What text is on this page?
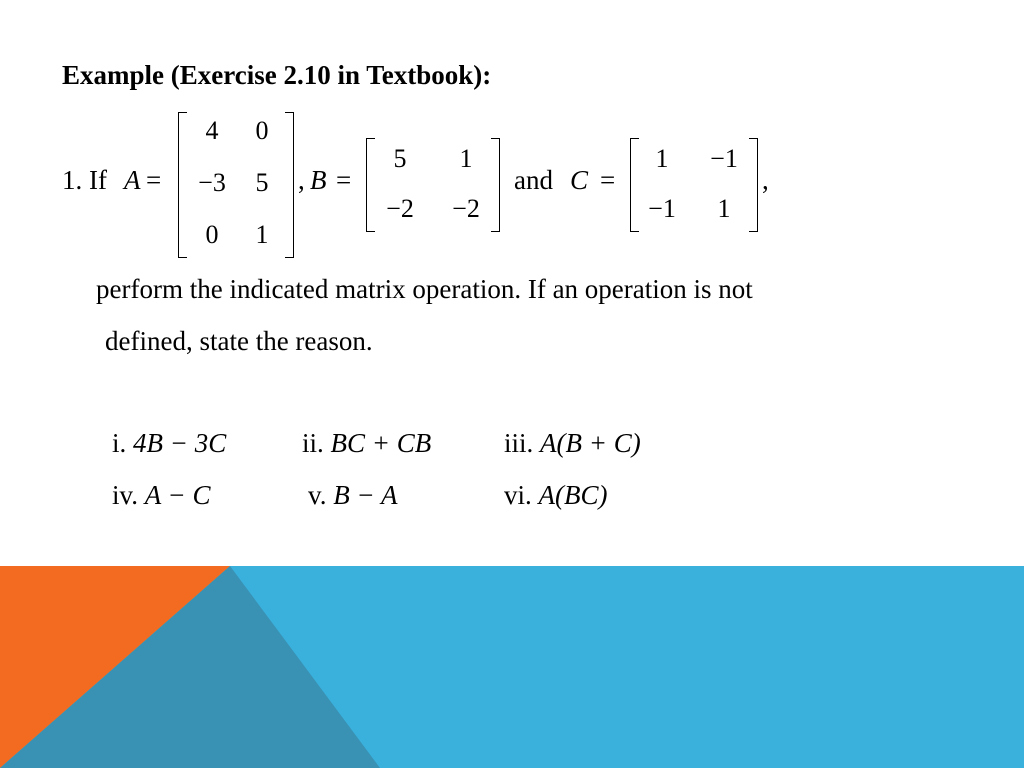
Example (Exercise 2.10 in Textbook):
1. If A =
4	0
−3	5
0	1
, B =
5	1
−2	−2
and C =
1	−1
−1	1
,
perform the indicated matrix operation. If an operation is not
defined, state the reason.
i. 4B − 3C	ii. BC + CB	iii. A(B + C)
iv. A − C	v. B − A	vi. A(BC)
